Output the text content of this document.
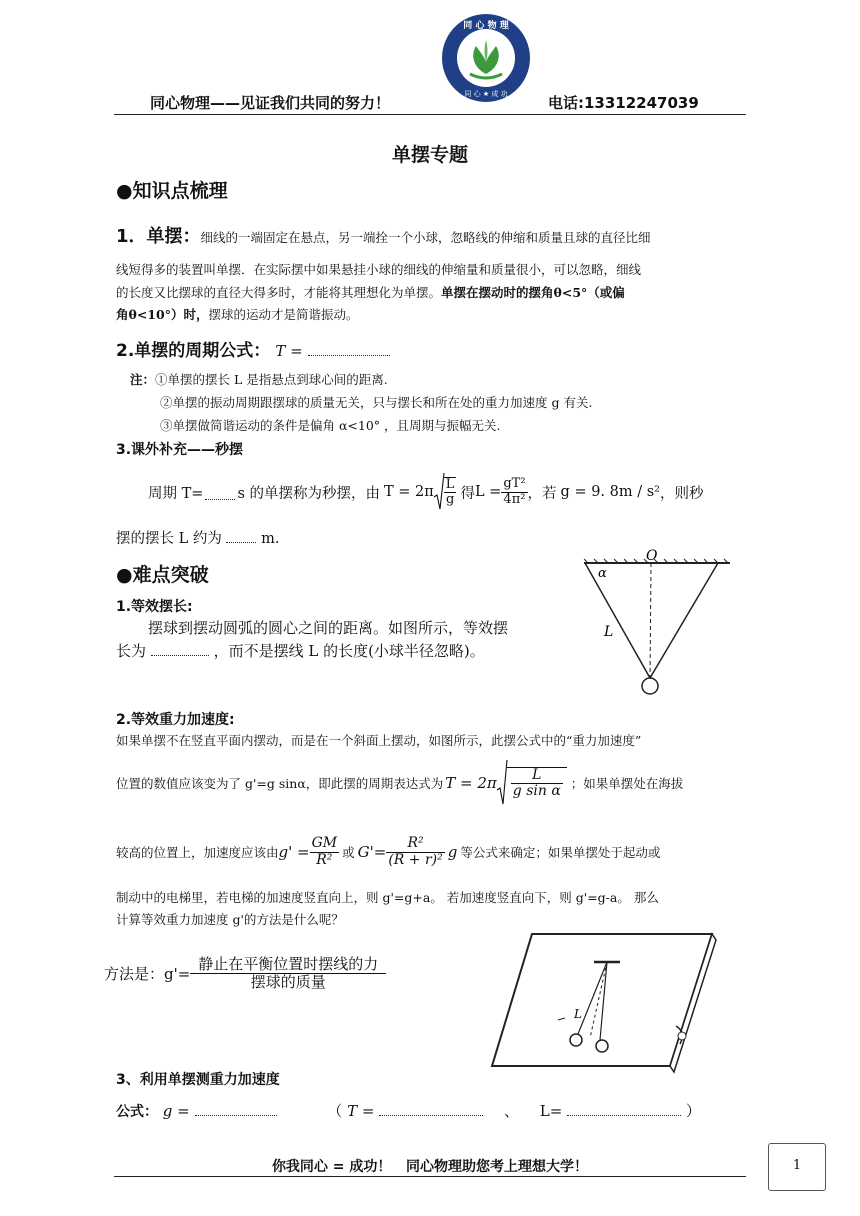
同心物理——见证我们共同的努力！	电话:13312247039
同 心 物 理
同 心 ★ 成 功
单摆专题
●知识点梳理
1．单摆：细线的一端固定在悬点，另一端拴一个小球，忽略线的伸缩和质量且球的直径比细
线短得多的装置叫单摆．在实际摆中如果悬挂小球的细线的伸缩量和质量很小，可以忽略，细线
的长度又比摆球的直径大得多时，才能将其理想化为单摆。单摆在摆动时的摆角θ<5°（或偏
角θ<10°）时，摆球的运动才是简谐振动。
2.单摆的周期公式： T =
注：①单摆的摆长 L 是指悬点到球心间的距离.
②单摆的振动周期跟摆球的质量无关，只与摆长和所在处的重力加速度 g 有关.
③单摆做简谐运动的条件是偏角 α<10° ，且周期与振幅无关.
3.课外补充——秒摆
周期 T= s 的单摆称为秒摆，由 $T = 2\pi \frac{L}{g}$ 得 $L = \frac{\text{gT²}}{\text{4π²}}$ ，若 g = 9. 8m / s² ，则秒
摆的摆长 L 约为	m.
●难点突破
1.等效摆长:
摆球到摆动圆弧的圆心之间的距离。如图所示，等效摆
长为	，而不是摆线 L 的长度(小球半径忽略)。
O
α
L
2.等效重力加速度:
如果单摆不在竖直平面内摆动，而是在一个斜面上摆动，如图所示，此摆公式中的“重力加速度”
位置的数值应该变为了 g'=g sinα，即此摆的周期表达式为 $T = 2\pi \frac{L}{\text{g sin α}}$ ；如果单摆处在海拔
较高的位置上，加速度应该由 $g' = \frac{GM}{\text{R²}}$ 或 $G'= \frac{\text{R²}}{\text{(R + r)²}}$ g 等公式来确定；如果单摆处于起动或
制动中的电梯里，若电梯的加速度竖直向上，则 g'=g+a。 若加速度竖直向下，则 g'=g-a。 那么
计算等效重力加速度 g'的方法是什么呢？
方法是：$g'= \frac{\text{静止在平衡位置时摆线的力}}{\text{摆球的质量}}$
L
3、利用单摆测重力加速度
公式： g =	（ T =	、 L=	）
你我同心 = 成功！   同心物理助您考上理想大学！	1
